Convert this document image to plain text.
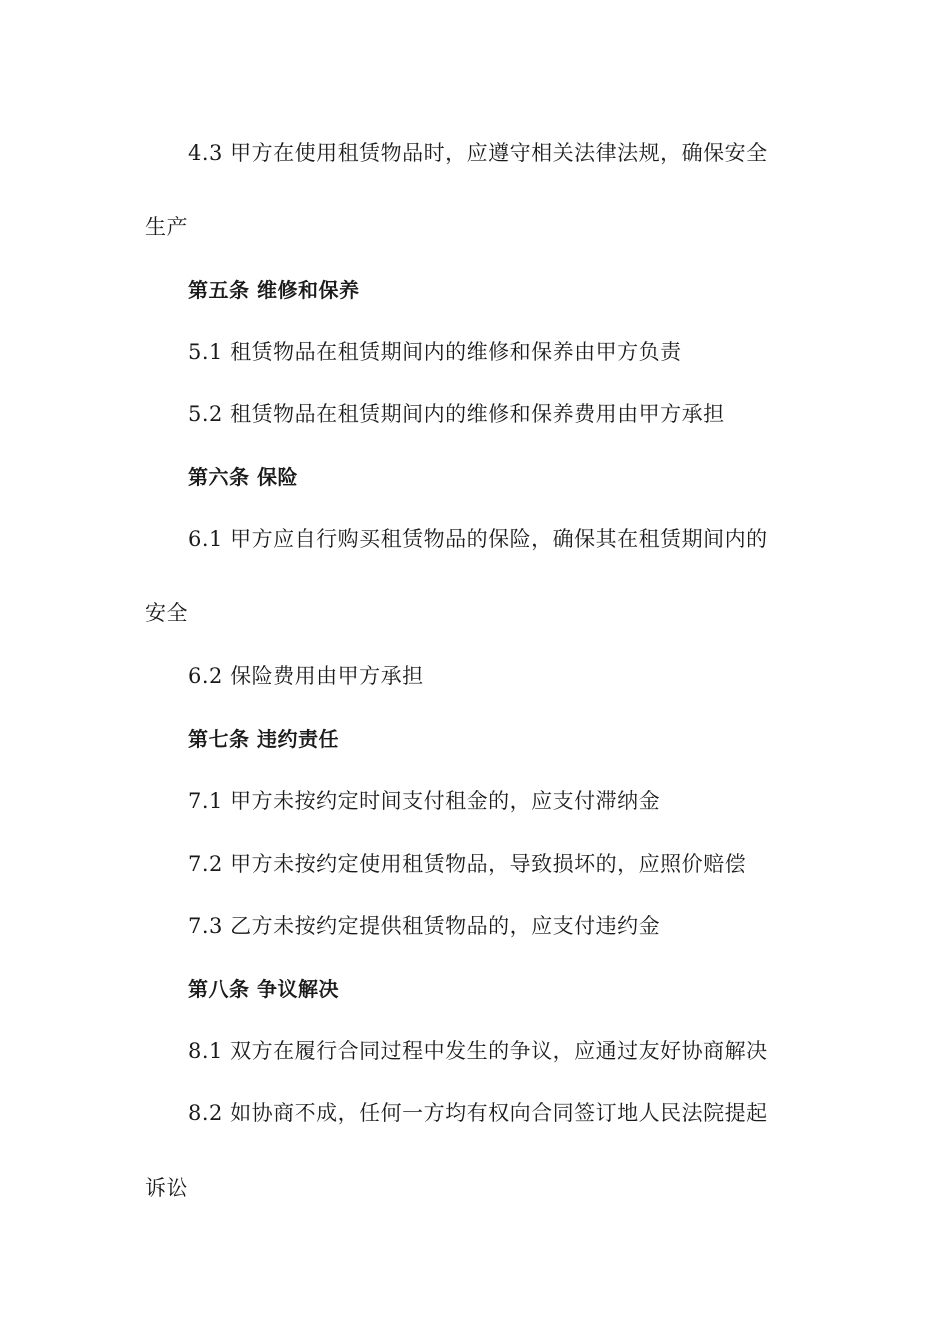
4.3 甲方在使用租赁物品时，应遵守相关法律法规，确保安全
生产
第五条 维修和保养
5.1 租赁物品在租赁期间内的维修和保养由甲方负责
5.2 租赁物品在租赁期间内的维修和保养费用由甲方承担
第六条 保险
6.1 甲方应自行购买租赁物品的保险，确保其在租赁期间内的
安全
6.2 保险费用由甲方承担
第七条 违约责任
7.1 甲方未按约定时间支付租金的，应支付滞纳金
7.2 甲方未按约定使用租赁物品，导致损坏的，应照价赔偿
7.3 乙方未按约定提供租赁物品的，应支付违约金
第八条 争议解决
8.1 双方在履行合同过程中发生的争议，应通过友好协商解决
8.2 如协商不成，任何一方均有权向合同签订地人民法院提起
诉讼
